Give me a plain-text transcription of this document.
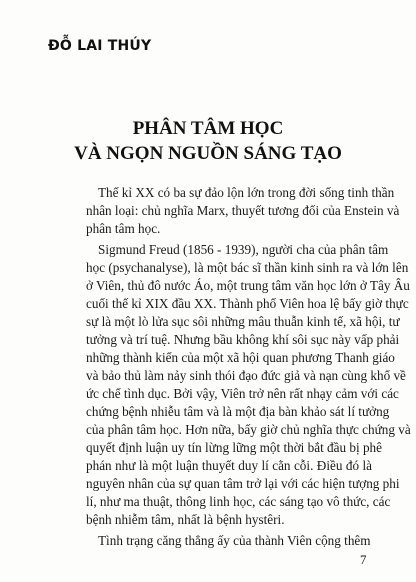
ĐỖ LAI THÚY
PHÂN TÂM HỌC
VÀ NGỌN NGUỒN SÁNG TẠO
Thế kỉ XX có ba sự đảo lộn lớn trong đời sống tinh thần
nhân loại: chủ nghĩa Marx, thuyết tương đối của Enstein và
phân tâm học.
Sigmund Freud (1856 - 1939), người cha của phân tâm
học (psychanalyse), là một bác sĩ thần kinh sinh ra và lớn lên
ở Viên, thủ đô nước Áo, một trung tâm văn học lớn ở Tây Âu
cuối thế kỉ XIX đầu XX. Thành phố Viên hoa lệ bấy giờ thực
sự là một lò lửa sục sôi những mâu thuẫn kinh tế, xã hội, tư
tưởng và trí tuệ. Nhưng bầu không khí sôi sục này vấp phải
những thành kiến của một xã hội quan phương Thanh giáo
và bảo thủ làm nảy sinh thói đạo đức giả và nạn cùng khổ về
ức chế tình dục. Bởi vậy, Viên trở nên rất nhạy cảm với các
chứng bệnh nhiễu tâm và là một địa bàn khảo sát lí tưởng
của phân tâm học. Hơn nữa, bấy giờ chủ nghĩa thực chứng và
quyết định luận uy tín lừng lững một thời bắt đầu bị phê
phán như là một luận thuyết duy lí cằn cỗi. Điều đó là
nguyên nhân của sự quan tâm trở lại với các hiện tượng phi
lí, như ma thuật, thông linh học, các sáng tạo vô thức, các
bệnh nhiễm tâm, nhất là bệnh hystêri.
Tình trạng căng thẳng ấy của thành Viên cộng thêm
7
